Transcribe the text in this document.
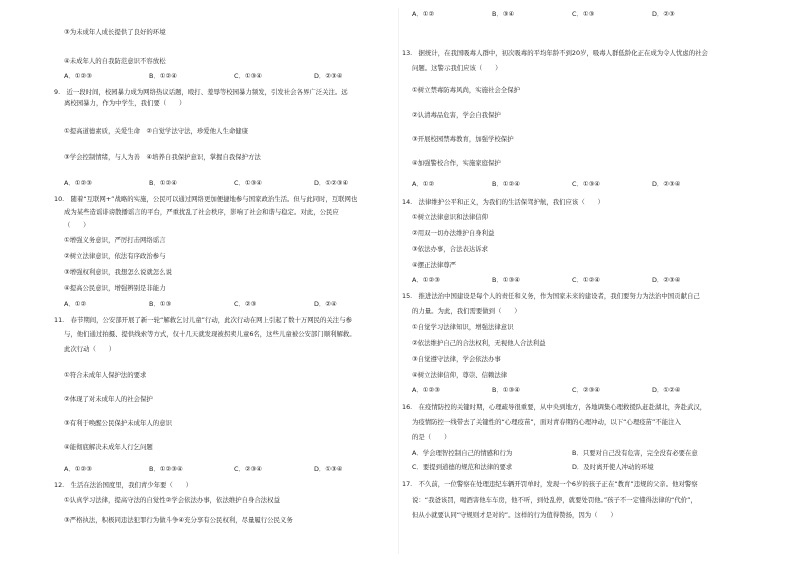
③为未成年人成长提供了良好的环境
④未成年人的自我防范意识不容放松
A．①②③	B．①②④	C．①③④	D．②③④
9.　近一段时间，校园暴力成为网络热议话题，殴打、羞辱等校园暴力频发，引发社会各界广泛关注。远
离校园暴力，作为中学生，我们要（　　）
①提高道德素质，关爱生命　②自觉学法守法，珍爱他人生命健康
③学会控制情绪，与人为善　④培养自我保护意识，掌握自我保护方法
A．①②③	B．①②④	C．①③④	D．①②③④
10.　随着“互联网+”战略的实施，公民可以通过网络更加便捷地参与国家政治生活。但与此同时，互联网也
成为某些造谣诽谤散播谣言的平台，严重扰乱了社会秩序，影响了社会和谐与稳定。对此，公民应
（　　）
①增强义务意识，严厉打击网络谣言
②树立法律意识，依法有序政治参与
③增强权利意识，我想怎么说就怎么说
④提高公民意识，增强辨别是非能力
A．①②	B．①③	C．②③	D．②④
11.　春节期间，公安部开展了新一轮“解救乞讨儿童”行动，此次行动在网上引起了数十万网民的关注与参
与，他们通过拍摄、提供线索等方式，仅十几天就发现被拐卖儿童6名，这些儿童被公安部门顺利解救。
此次行动（　　）
①符合未成年人保护法的要求
②体现了对未成年人的社会保护
③有利于唤醒公民保护未成年人的意识
④能彻底解决未成年人行乞问题
A．①②③	B．①②③④	C．②③④	D．①③④
12.　生活在法治国度里，我们青少年要（　　）
①认真学习法律，提高守法的自觉性②学会依法办事，依法维护自身合法权益
③严格执法，积极同违法犯罪行为做斗争④充分享有公民权利，尽量履行公民义务
A．①②	B．③④	C．①③	D．②③
13.　据统计，在我国吸毒人群中，初次吸毒的平均年龄不到20岁，吸毒人群低龄化正在成为令人忧虑的社会
问题。这警示我们应该（　　）
①树立禁毒防毒风尚，实施社会全保护
②认清毒品危害，学会自我保护
③开展校园禁毒教育，加强学校保护
④加强警校合作，实施家庭保护
A．①②	B．①②④	C．①③④	D．②③④
14.　法律维护公平和正义，为我们的生活保驾护航，我们应该（　　）
①树立法律意识和法律信仰
②用双一切办法维护自身利益
③依法办事，合法表达诉求
④摆正法律尊严
A．①②③	B．①③④	C．①②④	D．②③④
15.　推进法治中国建设是每个人的责任和义务，作为国家未来的建设者，我们要努力为法治中国贡献自己
的力量。为此，我们需要做到（　　）
①自觉学习法律知识，增强法律意识
②依法维护自己的合法权利，无视他人合法利益
③自觉遵守法律，学会依法办事
④树立法律信仰，尊崇、信赖法律
A．①②③	B．①③④	C．②③④	D．①②④
16.　在疫情防控的关键时期，心理疏导很重要，从中央到地方，各地调集心理救援队赶赴湖北，奔赴武汉，
为疫情防控一线带去了关键性的“心理疫苗”，面对青春期的心理冲动，以下“心理疫苗”不能注入
的是（　　）
A．学会理智控制自己的情感和行为	B．只要对自己没有危害，完全没有必要在意
C．要提到道德的规范和法律的要求	D．及时离开使人冲动的环境
17.　不久前，一位警察在处理违纪车辆开罚单时，发现一个6岁的孩子正在“教育”违规的父亲。他对警察
说：“我爸该罚，喝酒害他车车房，他不听，到处乱停，就要处罚他。”孩子不一定懂得法律的“代价”，
但从小就要认同“守规则才是对的”。这样的行为值得赞扬，因为（　　）
